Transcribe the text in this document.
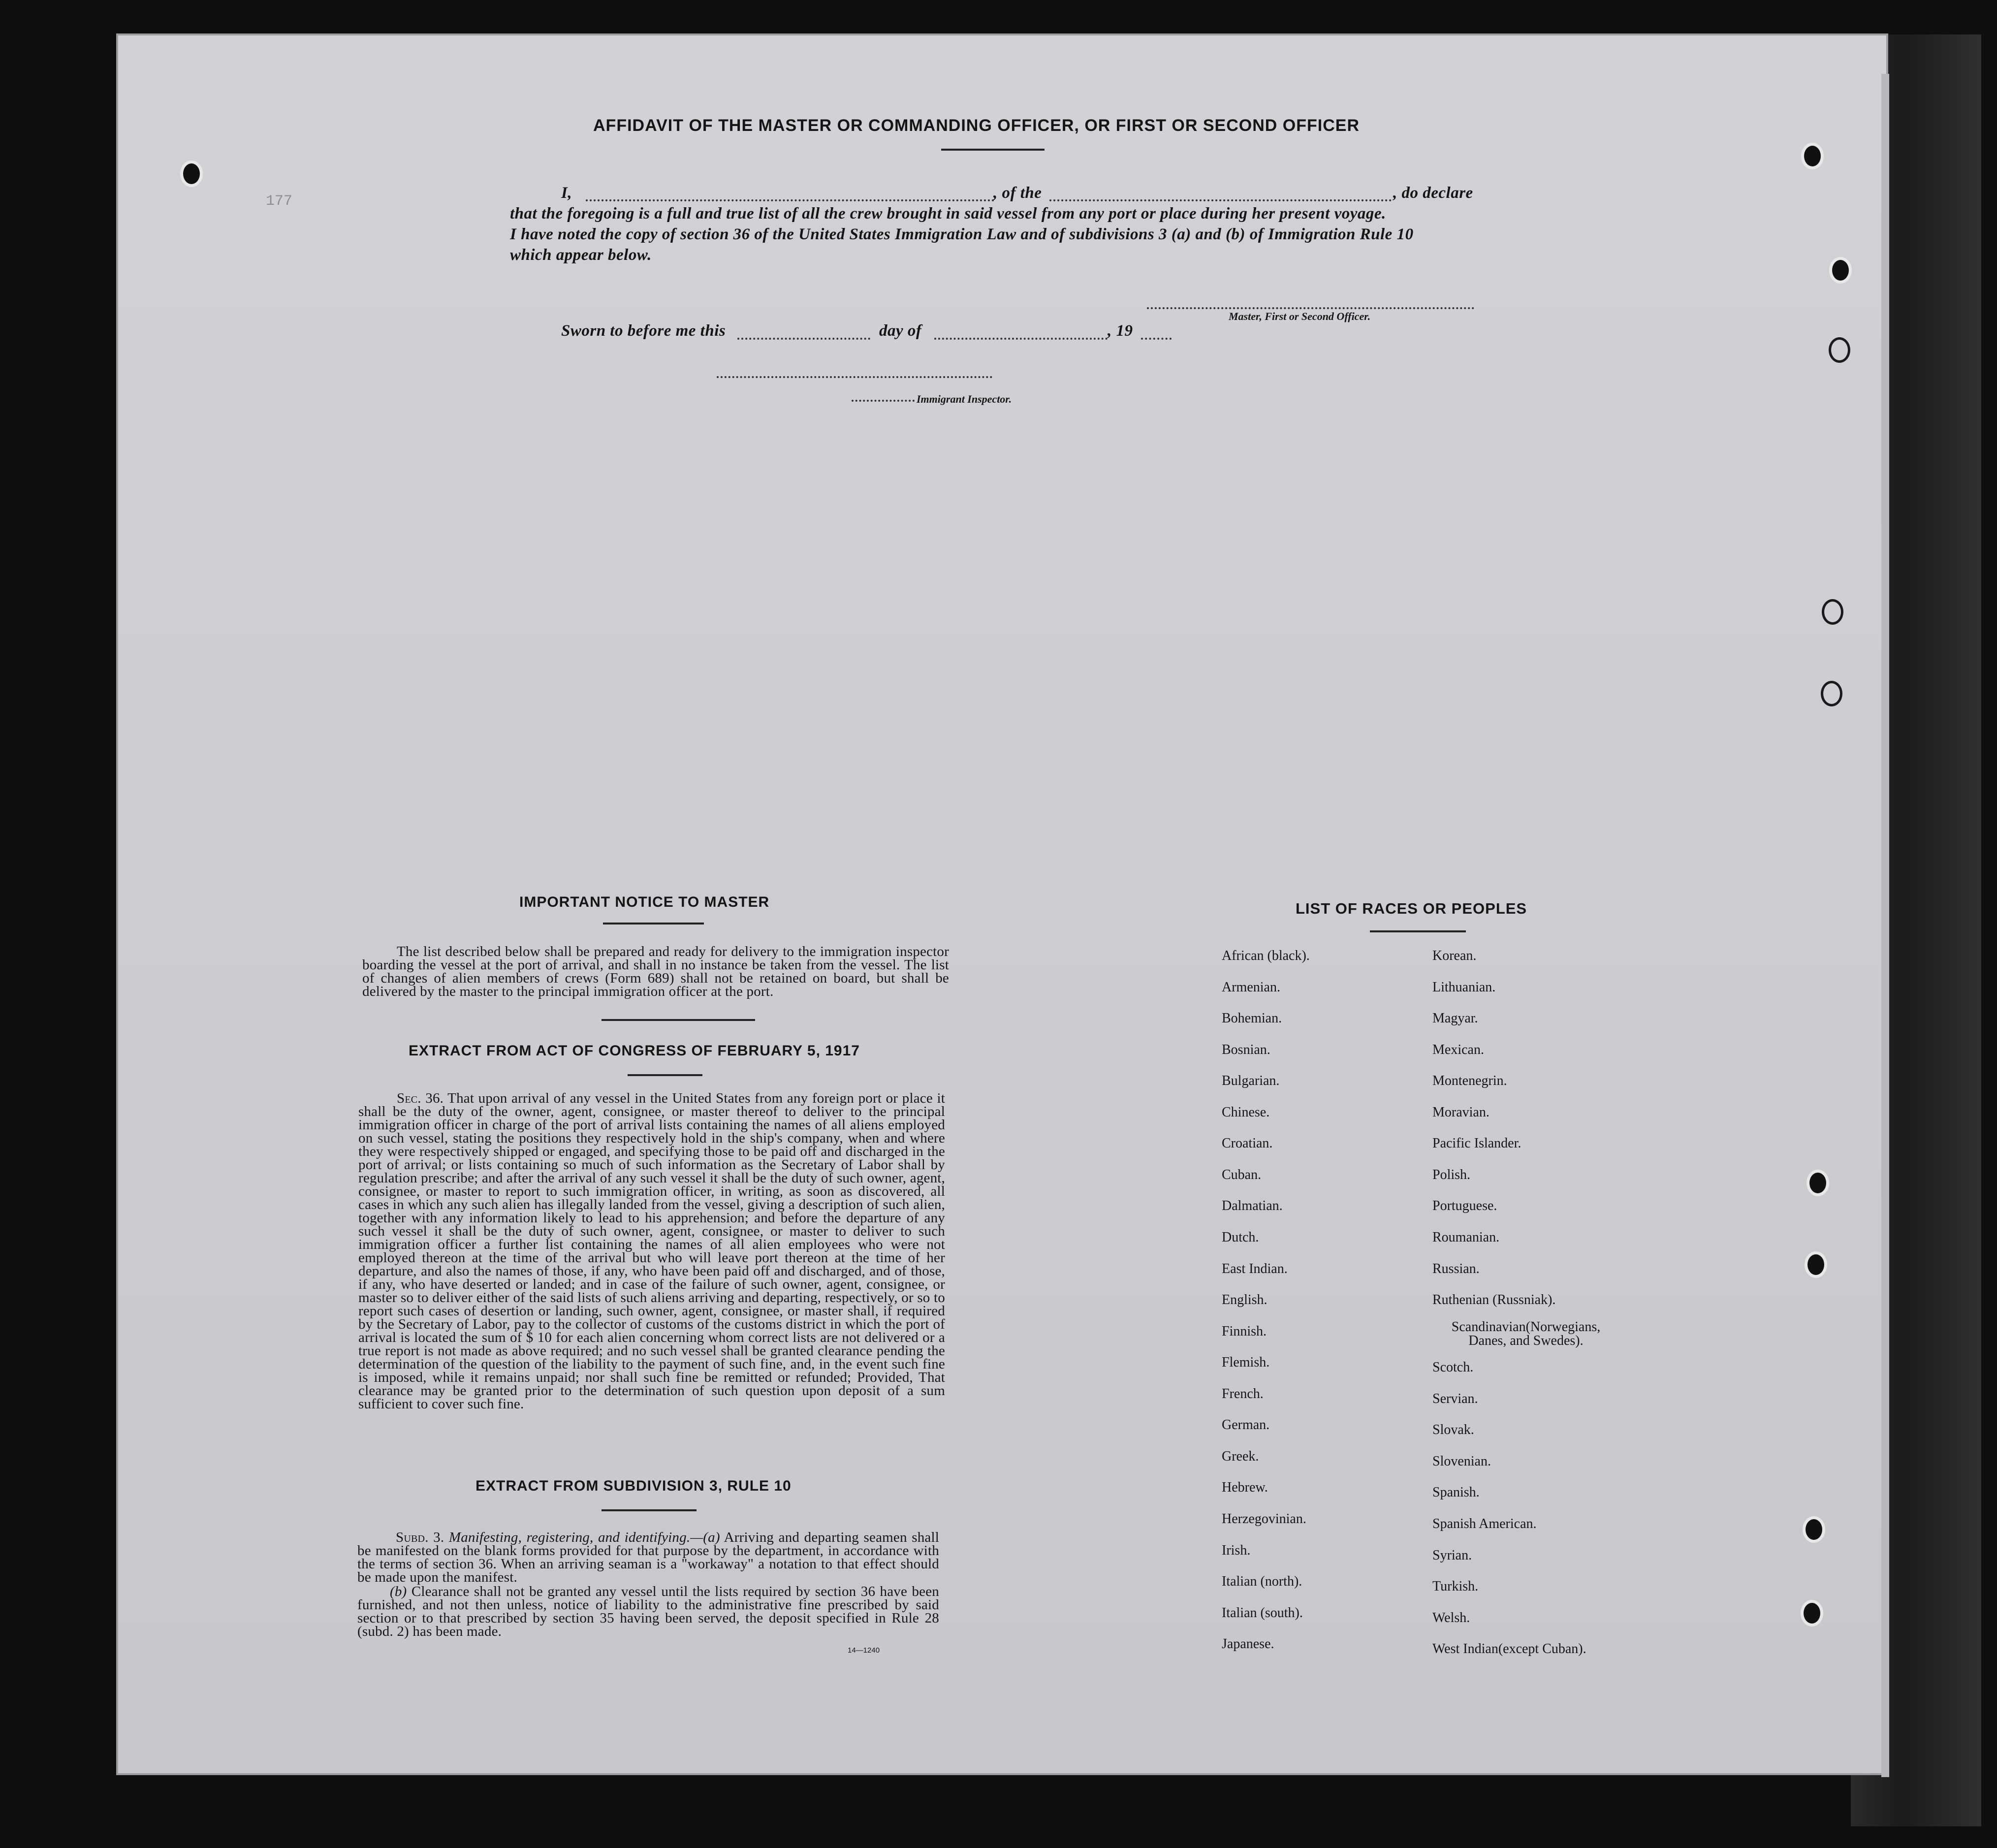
177
AFFIDAVIT OF THE MASTER OR COMMANDING OFFICER, OR FIRST OR SECOND OFFICER
I,	, of the	, do declare
that the foregoing is a full and true list of all the crew brought in said vessel from any port or place during her present voyage.
I have noted the copy of section 36 of the United States Immigration Law and of subdivisions 3 (a) and (b) of Immigration Rule 10
which appear below.
Master, First or Second Officer.
Sworn to before me this	day of	, 19
Immigrant Inspector.
IMPORTANT NOTICE TO MASTER
The list described below shall be prepared and ready for delivery to the immigration inspector boarding the vessel at the port of arrival, and shall in no instance be taken from the vessel. The list of changes of alien members of crews (Form 689) shall not be retained on board, but shall be delivered by the master to the principal immigration officer at the port.
EXTRACT FROM ACT OF CONGRESS OF FEBRUARY 5, 1917
Sec. 36. That upon arrival of any vessel in the United States from any foreign port or place it shall be the duty of the owner, agent, consignee, or master thereof to deliver to the principal immigration officer in charge of the port of arrival lists containing the names of all aliens employed on such vessel, stating the positions they respectively hold in the ship's company, when and where they were respectively shipped or engaged, and specifying those to be paid off and discharged in the port of arrival; or lists containing so much of such information as the Secretary of Labor shall by regulation prescribe; and after the arrival of any such vessel it shall be the duty of such owner, agent, consignee, or master to report to such immigration officer, in writing, as soon as discovered, all cases in which any such alien has illegally landed from the vessel, giving a description of such alien, together with any information likely to lead to his apprehension; and before the departure of any such vessel it shall be the duty of such owner, agent, consignee, or master to deliver to such immigration officer a further list containing the names of all alien employees who were not employed thereon at the time of the arrival but who will leave port thereon at the time of her departure, and also the names of those, if any, who have been paid off and discharged, and of those, if any, who have deserted or landed; and in case of the failure of such owner, agent, consignee, or master so to deliver either of the said lists of such aliens arriving and departing, respectively, or so to report such cases of desertion or landing, such owner, agent, consignee, or master shall, if required by the Secretary of Labor, pay to the collector of customs of the customs district in which the port of arrival is located the sum of $ 10 for each alien concerning whom correct lists are not delivered or a true report is not made as above required; and no such vessel shall be granted clearance pending the determination of the question of the liability to the payment of such fine, and, in the event such fine is imposed, while it remains unpaid; nor shall such fine be remitted or refunded; Provided, That clearance may be granted prior to the determination of such question upon deposit of a sum sufficient to cover such fine.
EXTRACT FROM SUBDIVISION 3, RULE 10
Subd. 3. Manifesting, registering, and identifying.—(a) Arriving and departing seamen shall be manifested on the blank forms provided for that purpose by the department, in accordance with the terms of section 36. When an arriving seaman is a "workaway" a notation to that effect should be made upon the manifest.
(b) Clearance shall not be granted any vessel until the lists required by section 36 have been furnished, and not then unless, notice of liability to the administrative fine prescribed by said section or to that prescribed by section 35 having been served, the deposit specified in Rule 28 (subd. 2) has been made.
14—1240
LIST OF RACES OR PEOPLES
African (black).
Armenian.
Bohemian.
Bosnian.
Bulgarian.
Chinese.
Croatian.
Cuban.
Dalmatian.
Dutch.
East Indian.
English.
Finnish.
Flemish.
French.
German.
Greek.
Hebrew.
Herzegovinian.
Irish.
Italian (north).
Italian (south).
Japanese.
Korean.
Lithuanian.
Magyar.
Mexican.
Montenegrin.
Moravian.
Pacific Islander.
Polish.
Portuguese.
Roumanian.
Russian.
Ruthenian (Russniak).
Scandinavian(Norwegians, Danes, and Swedes).
Scotch.
Servian.
Slovak.
Slovenian.
Spanish.
Spanish American.
Syrian.
Turkish.
Welsh.
West Indian(except Cuban).
